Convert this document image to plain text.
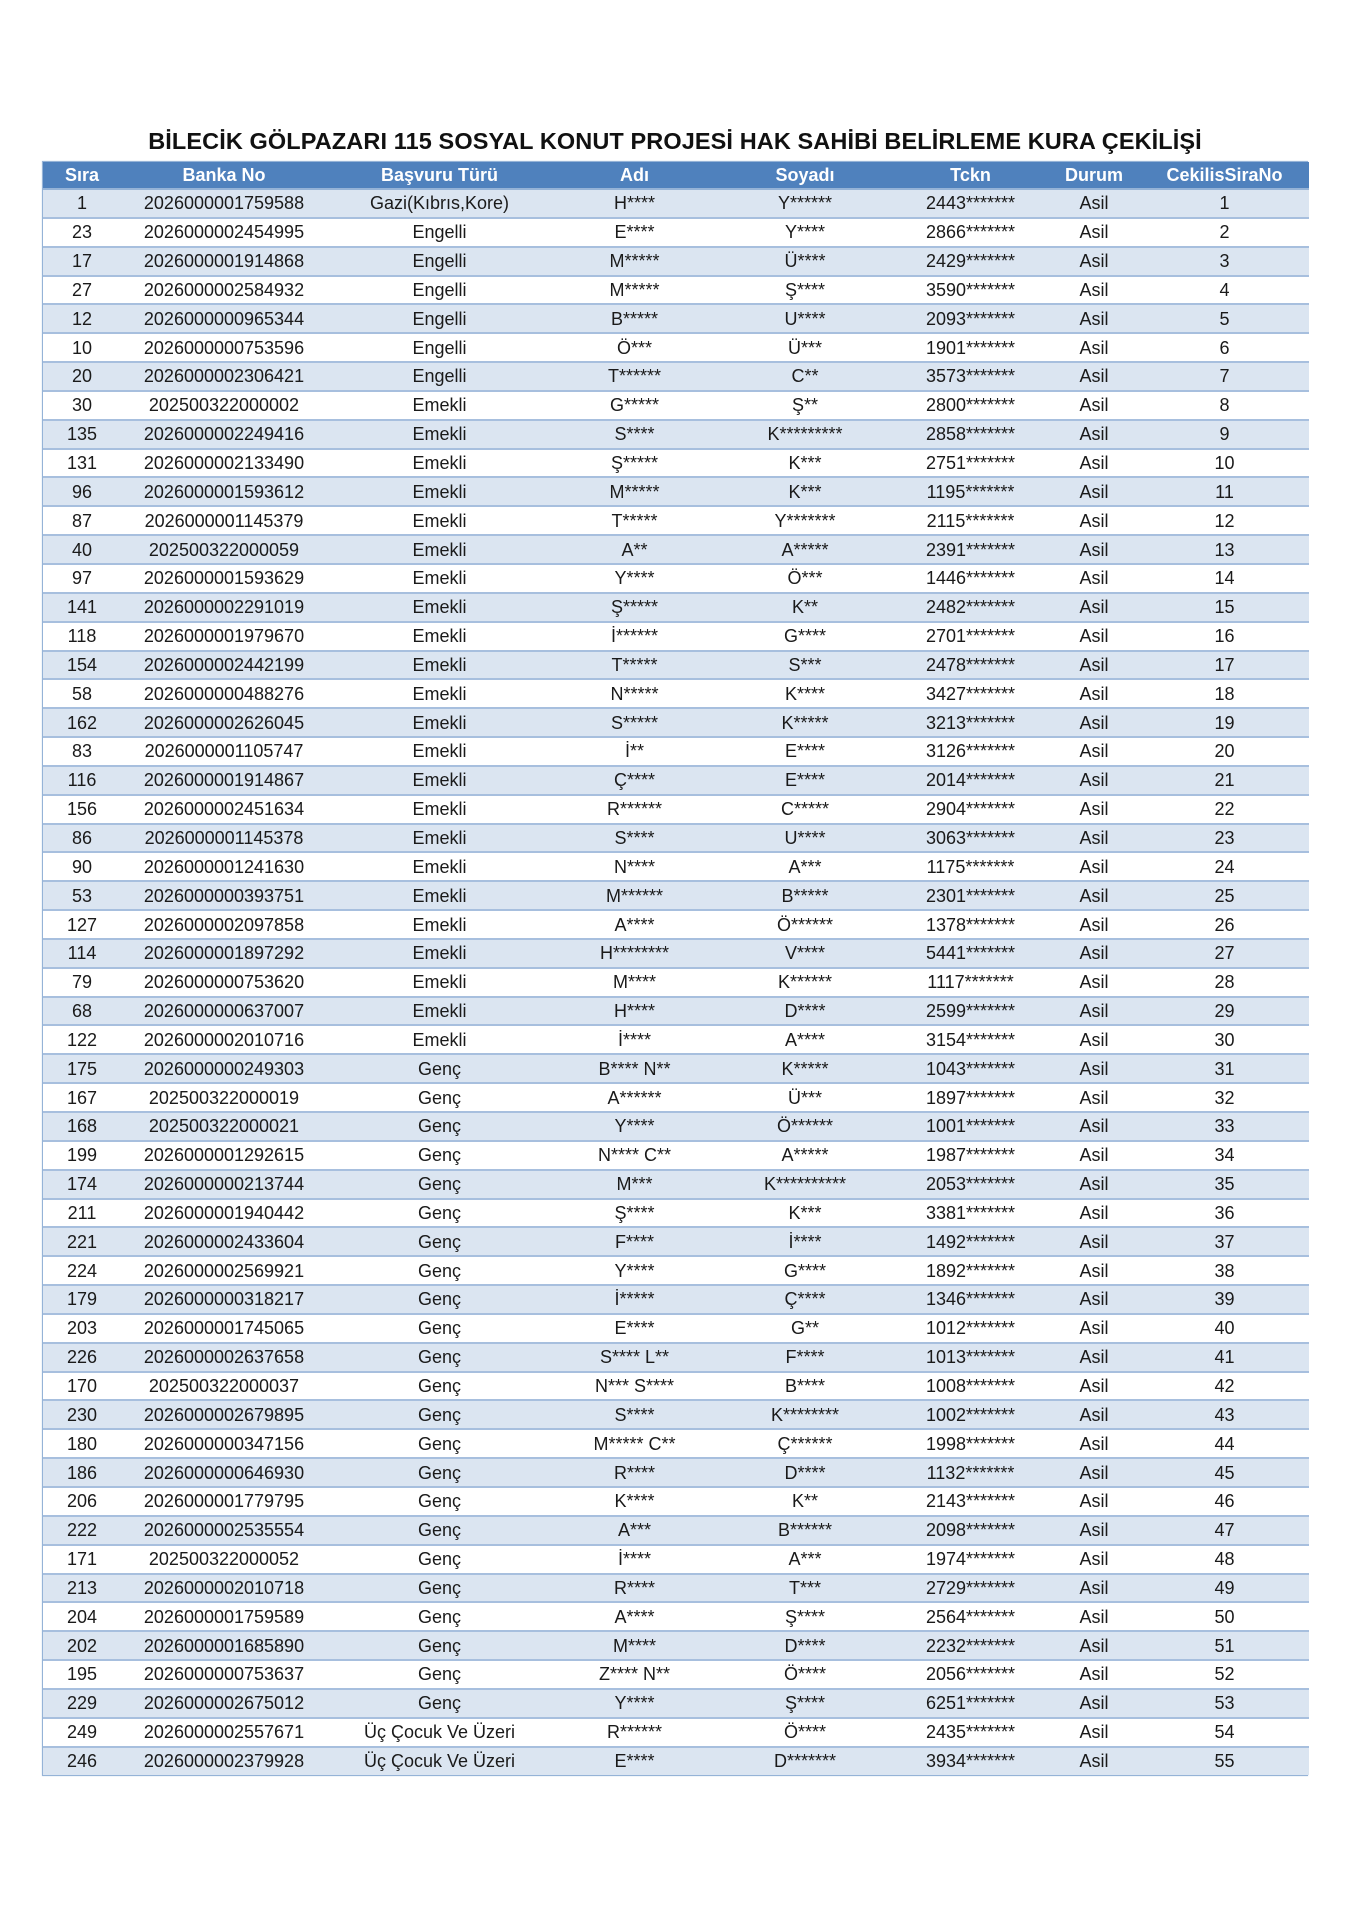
BİLECİK GÖLPAZARI 115 SOSYAL KONUT PROJESİ HAK SAHİBİ BELİRLEME KURA ÇEKİLİŞİ
Sıra	Banka No	Başvuru Türü	Adı	Soyadı	Tckn	Durum	CekilisSiraNo
1	2026000001759588	Gazi(Kıbrıs,Kore)	H****	Y******	2443*******	Asil	1
23	2026000002454995	Engelli	E****	Y****	2866*******	Asil	2
17	2026000001914868	Engelli	M*****	Ü****	2429*******	Asil	3
27	2026000002584932	Engelli	M*****	Ş****	3590*******	Asil	4
12	2026000000965344	Engelli	B*****	U****	2093*******	Asil	5
10	2026000000753596	Engelli	Ö***	Ü***	1901*******	Asil	6
20	2026000002306421	Engelli	T******	C**	3573*******	Asil	7
30	202500322000002	Emekli	G*****	Ş**	2800*******	Asil	8
135	2026000002249416	Emekli	S****	K*********	2858*******	Asil	9
131	2026000002133490	Emekli	Ş*****	K***	2751*******	Asil	10
96	2026000001593612	Emekli	M*****	K***	1195*******	Asil	11
87	2026000001145379	Emekli	T*****	Y*******	2115*******	Asil	12
40	202500322000059	Emekli	A**	A*****	2391*******	Asil	13
97	2026000001593629	Emekli	Y****	Ö***	1446*******	Asil	14
141	2026000002291019	Emekli	Ş*****	K**	2482*******	Asil	15
118	2026000001979670	Emekli	İ******	G****	2701*******	Asil	16
154	2026000002442199	Emekli	T*****	S***	2478*******	Asil	17
58	2026000000488276	Emekli	N*****	K****	3427*******	Asil	18
162	2026000002626045	Emekli	S*****	K*****	3213*******	Asil	19
83	2026000001105747	Emekli	İ**	E****	3126*******	Asil	20
116	2026000001914867	Emekli	Ç****	E****	2014*******	Asil	21
156	2026000002451634	Emekli	R******	C*****	2904*******	Asil	22
86	2026000001145378	Emekli	S****	U****	3063*******	Asil	23
90	2026000001241630	Emekli	N****	A***	1175*******	Asil	24
53	2026000000393751	Emekli	M******	B*****	2301*******	Asil	25
127	2026000002097858	Emekli	A****	Ö******	1378*******	Asil	26
114	2026000001897292	Emekli	H********	V****	5441*******	Asil	27
79	2026000000753620	Emekli	M****	K******	1117*******	Asil	28
68	2026000000637007	Emekli	H****	D****	2599*******	Asil	29
122	2026000002010716	Emekli	İ****	A****	3154*******	Asil	30
175	2026000000249303	Genç	B**** N**	K*****	1043*******	Asil	31
167	202500322000019	Genç	A******	Ü***	1897*******	Asil	32
168	202500322000021	Genç	Y****	Ö******	1001*******	Asil	33
199	2026000001292615	Genç	N**** C**	A*****	1987*******	Asil	34
174	2026000000213744	Genç	M***	K**********	2053*******	Asil	35
211	2026000001940442	Genç	Ş****	K***	3381*******	Asil	36
221	2026000002433604	Genç	F****	İ****	1492*******	Asil	37
224	2026000002569921	Genç	Y****	G****	1892*******	Asil	38
179	2026000000318217	Genç	İ*****	Ç****	1346*******	Asil	39
203	2026000001745065	Genç	E****	G**	1012*******	Asil	40
226	2026000002637658	Genç	S**** L**	F****	1013*******	Asil	41
170	202500322000037	Genç	N*** S****	B****	1008*******	Asil	42
230	2026000002679895	Genç	S****	K********	1002*******	Asil	43
180	2026000000347156	Genç	M***** C**	Ç******	1998*******	Asil	44
186	2026000000646930	Genç	R****	D****	1132*******	Asil	45
206	2026000001779795	Genç	K****	K**	2143*******	Asil	46
222	2026000002535554	Genç	A***	B******	2098*******	Asil	47
171	202500322000052	Genç	İ****	A***	1974*******	Asil	48
213	2026000002010718	Genç	R****	T***	2729*******	Asil	49
204	2026000001759589	Genç	A****	Ş****	2564*******	Asil	50
202	2026000001685890	Genç	M****	D****	2232*******	Asil	51
195	2026000000753637	Genç	Z**** N**	Ö****	2056*******	Asil	52
229	2026000002675012	Genç	Y****	Ş****	6251*******	Asil	53
249	2026000002557671	Üç Çocuk Ve Üzeri	R******	Ö****	2435*******	Asil	54
246	2026000002379928	Üç Çocuk Ve Üzeri	E****	D*******	3934*******	Asil	55
